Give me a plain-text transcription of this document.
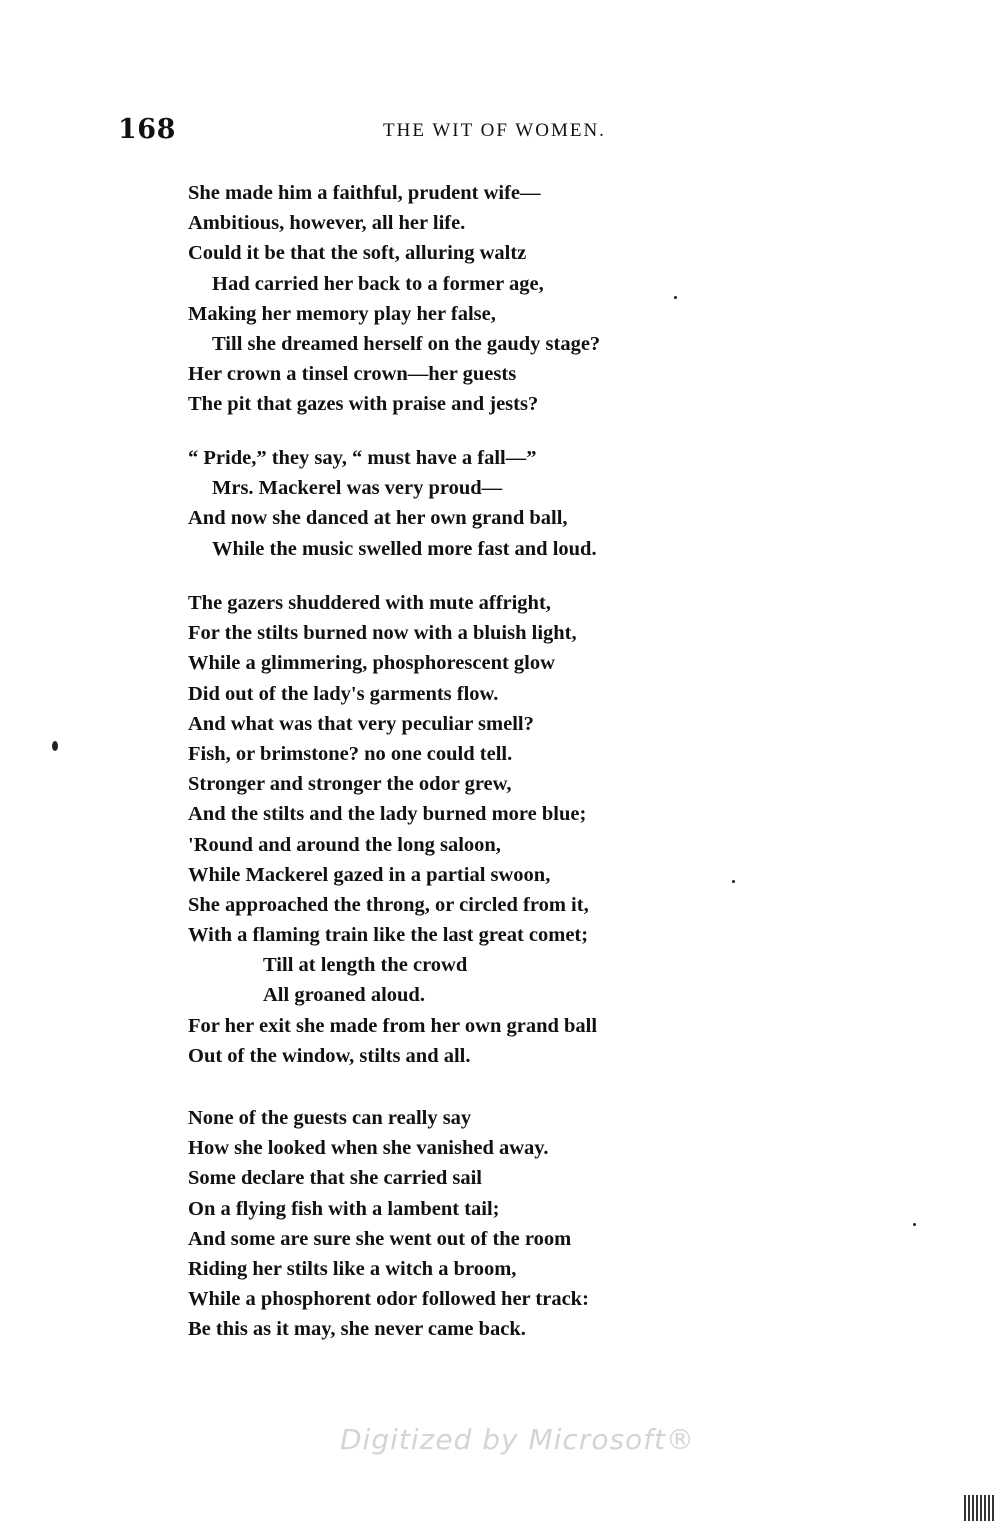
168	THE WIT OF WOMEN.
She made him a faithful, prudent wife—
Ambitious, however, all her life.
Could it be that the soft, alluring waltz
Had carried her back to a former age,
Making her memory play her false,
Till she dreamed herself on the gaudy stage?
Her crown a tinsel crown—her guests
The pit that gazes with praise and jests?
“ Pride,” they say, “ must have a fall—”
Mrs. Mackerel was very proud—
And now she danced at her own grand ball,
While the music swelled more fast and loud.
The gazers shuddered with mute affright,
For the stilts burned now with a bluish light,
While a glimmering, phosphorescent glow
Did out of the lady's garments flow.
And what was that very peculiar smell?
Fish, or brimstone? no one could tell.
Stronger and stronger the odor grew,
And the stilts and the lady burned more blue;
'Round and around the long saloon,
While Mackerel gazed in a partial swoon,
She approached the throng, or circled from it,
With a flaming train like the last great comet;
Till at length the crowd
All groaned aloud.
For her exit she made from her own grand ball
Out of the window, stilts and all.
None of the guests can really say
How she looked when she vanished away.
Some declare that she carried sail
On a flying fish with a lambent tail;
And some are sure she went out of the room
Riding her stilts like a witch a broom,
While a phosphorent odor followed her track:
Be this as it may, she never came back.
Digitized by Microsoft®
